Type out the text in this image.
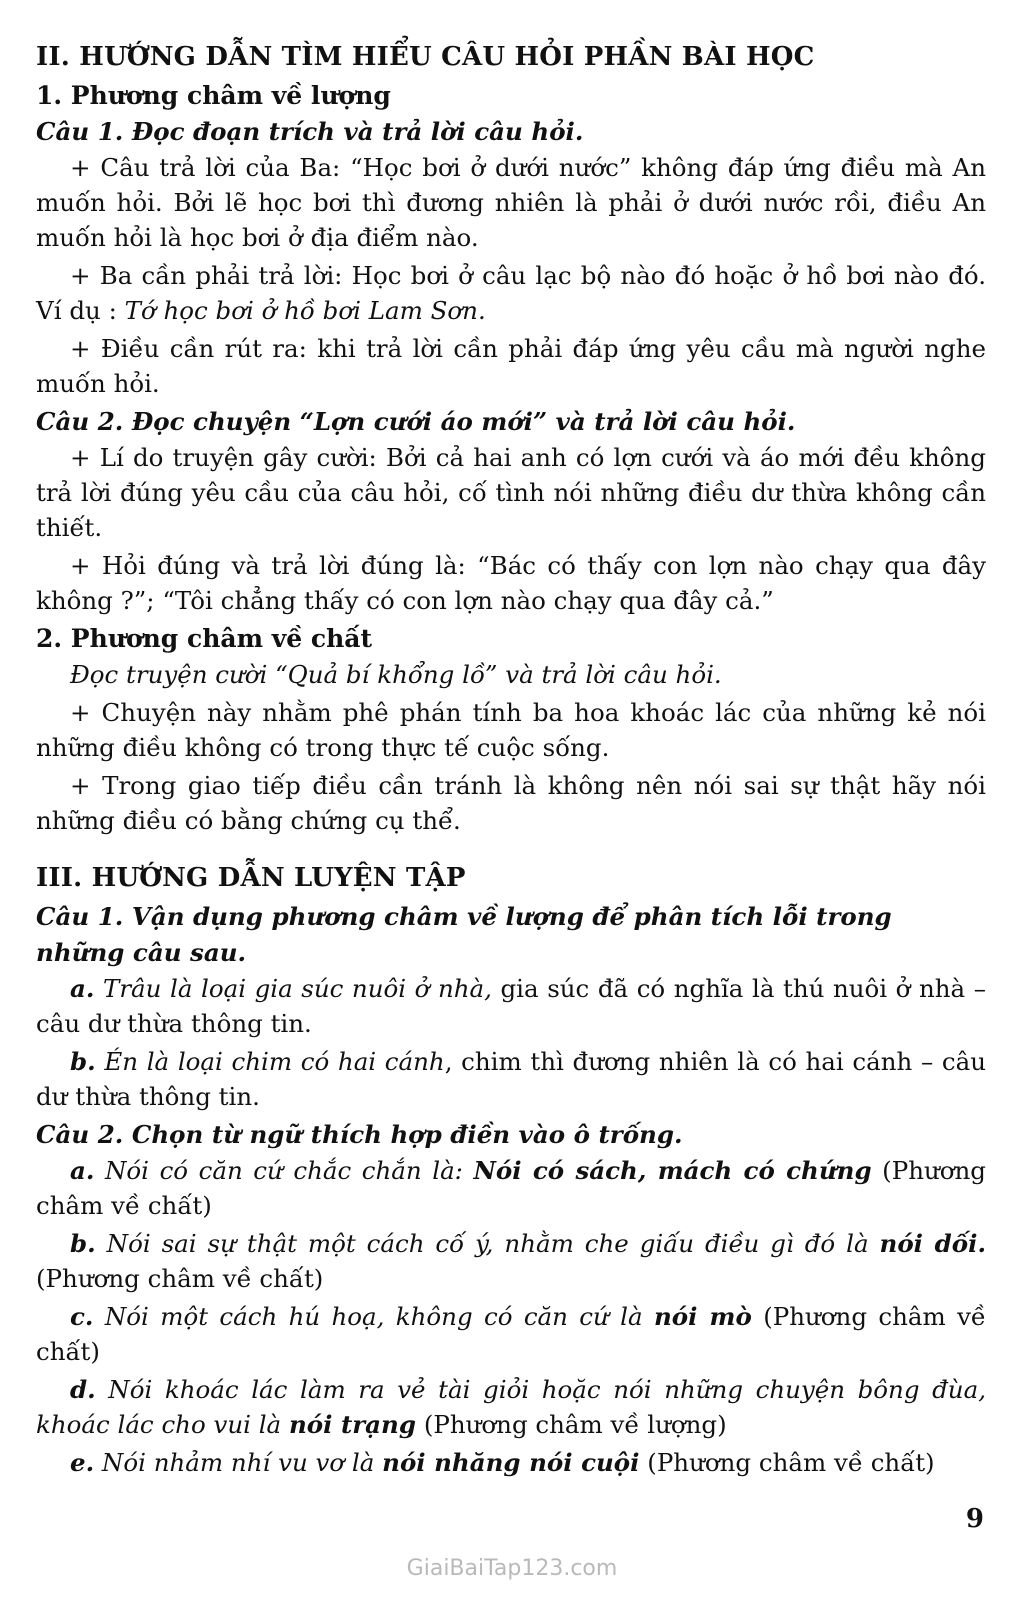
II. HƯỚNG DẪN TÌM HIỂU CÂU HỎI PHẦN BÀI HỌC
1. Phương châm về lượng
Câu 1. Đọc đoạn trích và trả lời câu hỏi.

+ Câu trả lời của Ba: “Học bơi ở dưới nước” không đáp ứng điều mà An muốn hỏi. Bởi lẽ học bơi thì đương nhiên là phải ở dưới nước rồi, điều An muốn hỏi là học bơi ở địa điểm nào.

+ Ba cần phải trả lời: Học bơi ở câu lạc bộ nào đó hoặc ở hồ bơi nào đó. Ví dụ : Tớ học bơi ở hồ bơi Lam Sơn.

+ Điều cần rút ra: khi trả lời cần phải đáp ứng yêu cầu mà người nghe muốn hỏi.

Câu 2. Đọc chuyện “Lợn cưới áo mới” và trả lời câu hỏi.

+ Lí do truyện gây cười: Bởi cả hai anh có lợn cưới và áo mới đều không trả lời đúng yêu cầu của câu hỏi, cố tình nói những điều dư thừa không cần thiết.

+ Hỏi đúng và trả lời đúng là: “Bác có thấy con lợn nào chạy qua đây không ?”; “Tôi chẳng thấy có con lợn nào chạy qua đây cả.”

2. Phương châm về chất

Đọc truyện cười “Quả bí khổng lồ” và trả lời câu hỏi.

+ Chuyện này nhằm phê phán tính ba hoa khoác lác của những kẻ nói những điều không có trong thực tế cuộc sống.

+ Trong giao tiếp điều cần tránh là không nên nói sai sự thật hãy nói những điều có bằng chứng cụ thể.

III. HƯỚNG DẪN LUYỆN TẬP
Câu 1. Vận dụng phương châm về lượng để phân tích lỗi trong những câu sau.

a. Trâu là loại gia súc nuôi ở nhà, gia súc đã có nghĩa là thú nuôi ở nhà – câu dư thừa thông tin.

b. Én là loại chim có hai cánh, chim thì đương nhiên là có hai cánh – câu dư thừa thông tin.

Câu 2. Chọn từ ngữ thích hợp điền vào ô trống.

a. Nói có căn cứ chắc chắn là: Nói có sách, mách có chứng (Phương châm về chất)

b. Nói sai sự thật một cách cố ý, nhằm che giấu điều gì đó là nói dối. (Phương châm về chất)

c. Nói một cách hú hoạ, không có căn cứ là nói mò (Phương châm về chất)

d. Nói khoác lác làm ra vẻ tài giỏi hoặc nói những chuyện bông đùa, khoác lác cho vui là nói trạng (Phương châm về lượng)

e. Nói nhảm nhí vu vơ là nói nhăng nói cuội (Phương châm về chất)

9
GiaiBaiTap123.com
